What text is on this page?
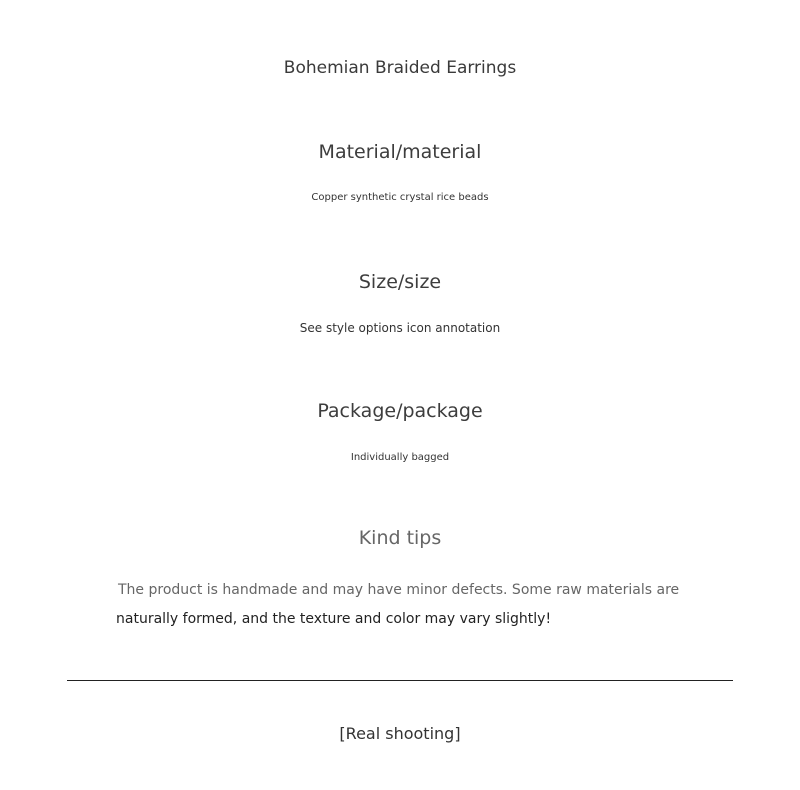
Bohemian Braided Earrings
Material/material
Copper synthetic crystal rice beads
Size/size
See style options icon annotation
Package/package
Individually bagged
Kind tips
The product is handmade and may have minor defects. Some raw materials are
naturally formed, and the texture and color may vary slightly!
[Real shooting]
